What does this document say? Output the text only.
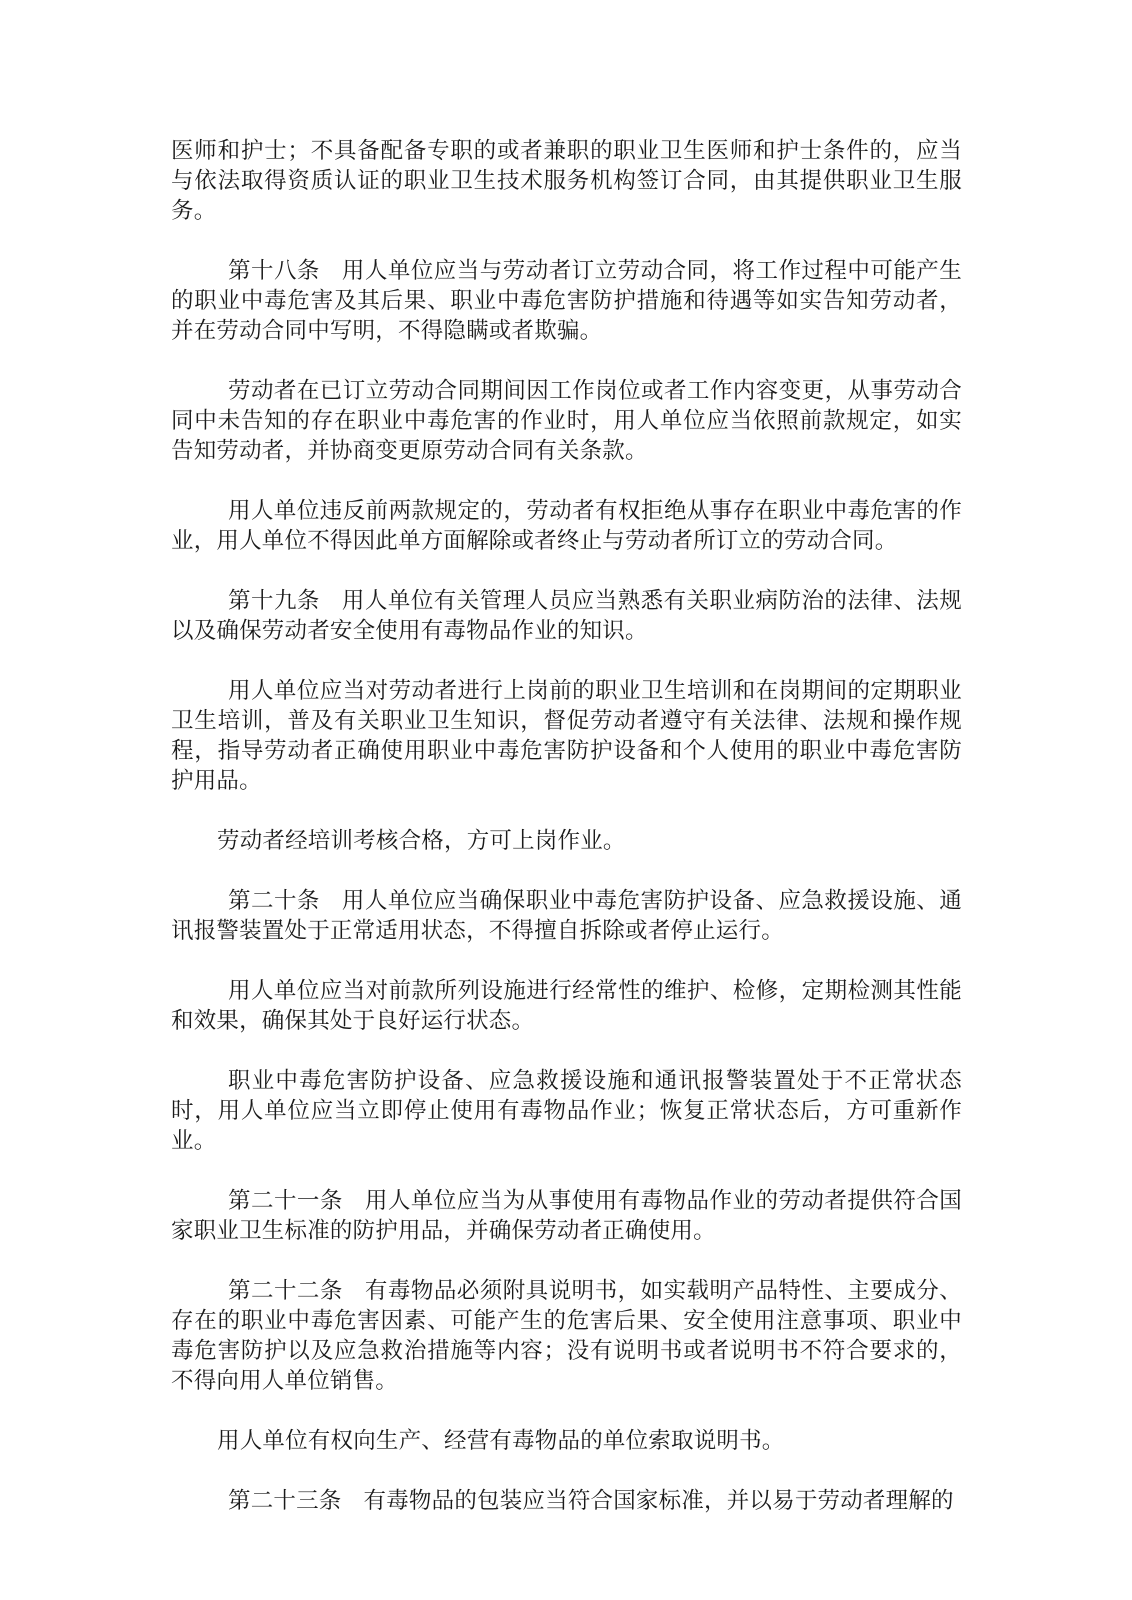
医师和护士；不具备配备专职的或者兼职的职业卫生医师和护士条件的，应当与依法取得资质认证的职业卫生技术服务机构签订合同，由其提供职业卫生服务。

第十八条 用人单位应当与劳动者订立劳动合同，将工作过程中可能产生的职业中毒危害及其后果、职业中毒危害防护措施和待遇等如实告知劳动者，并在劳动合同中写明，不得隐瞒或者欺骗。

劳动者在已订立劳动合同期间因工作岗位或者工作内容变更，从事劳动合同中未告知的存在职业中毒危害的作业时，用人单位应当依照前款规定，如实告知劳动者，并协商变更原劳动合同有关条款。

用人单位违反前两款规定的，劳动者有权拒绝从事存在职业中毒危害的作业，用人单位不得因此单方面解除或者终止与劳动者所订立的劳动合同。

第十九条 用人单位有关管理人员应当熟悉有关职业病防治的法律、法规以及确保劳动者安全使用有毒物品作业的知识。

用人单位应当对劳动者进行上岗前的职业卫生培训和在岗期间的定期职业卫生培训，普及有关职业卫生知识，督促劳动者遵守有关法律、法规和操作规程，指导劳动者正确使用职业中毒危害防护设备和个人使用的职业中毒危害防护用品。

劳动者经培训考核合格，方可上岗作业。

第二十条 用人单位应当确保职业中毒危害防护设备、应急救援设施、通讯报警装置处于正常适用状态，不得擅自拆除或者停止运行。

用人单位应当对前款所列设施进行经常性的维护、检修，定期检测其性能和效果，确保其处于良好运行状态。

职业中毒危害防护设备、应急救援设施和通讯报警装置处于不正常状态时，用人单位应当立即停止使用有毒物品作业；恢复正常状态后，方可重新作业。

第二十一条 用人单位应当为从事使用有毒物品作业的劳动者提供符合国家职业卫生标准的防护用品，并确保劳动者正确使用。

第二十二条 有毒物品必须附具说明书，如实载明产品特性、主要成分、存在的职业中毒危害因素、可能产生的危害后果、安全使用注意事项、职业中毒危害防护以及应急救治措施等内容；没有说明书或者说明书不符合要求的，不得向用人单位销售。

用人单位有权向生产、经营有毒物品的单位索取说明书。

第二十三条 有毒物品的包装应当符合国家标准，并以易于劳动者理解的
